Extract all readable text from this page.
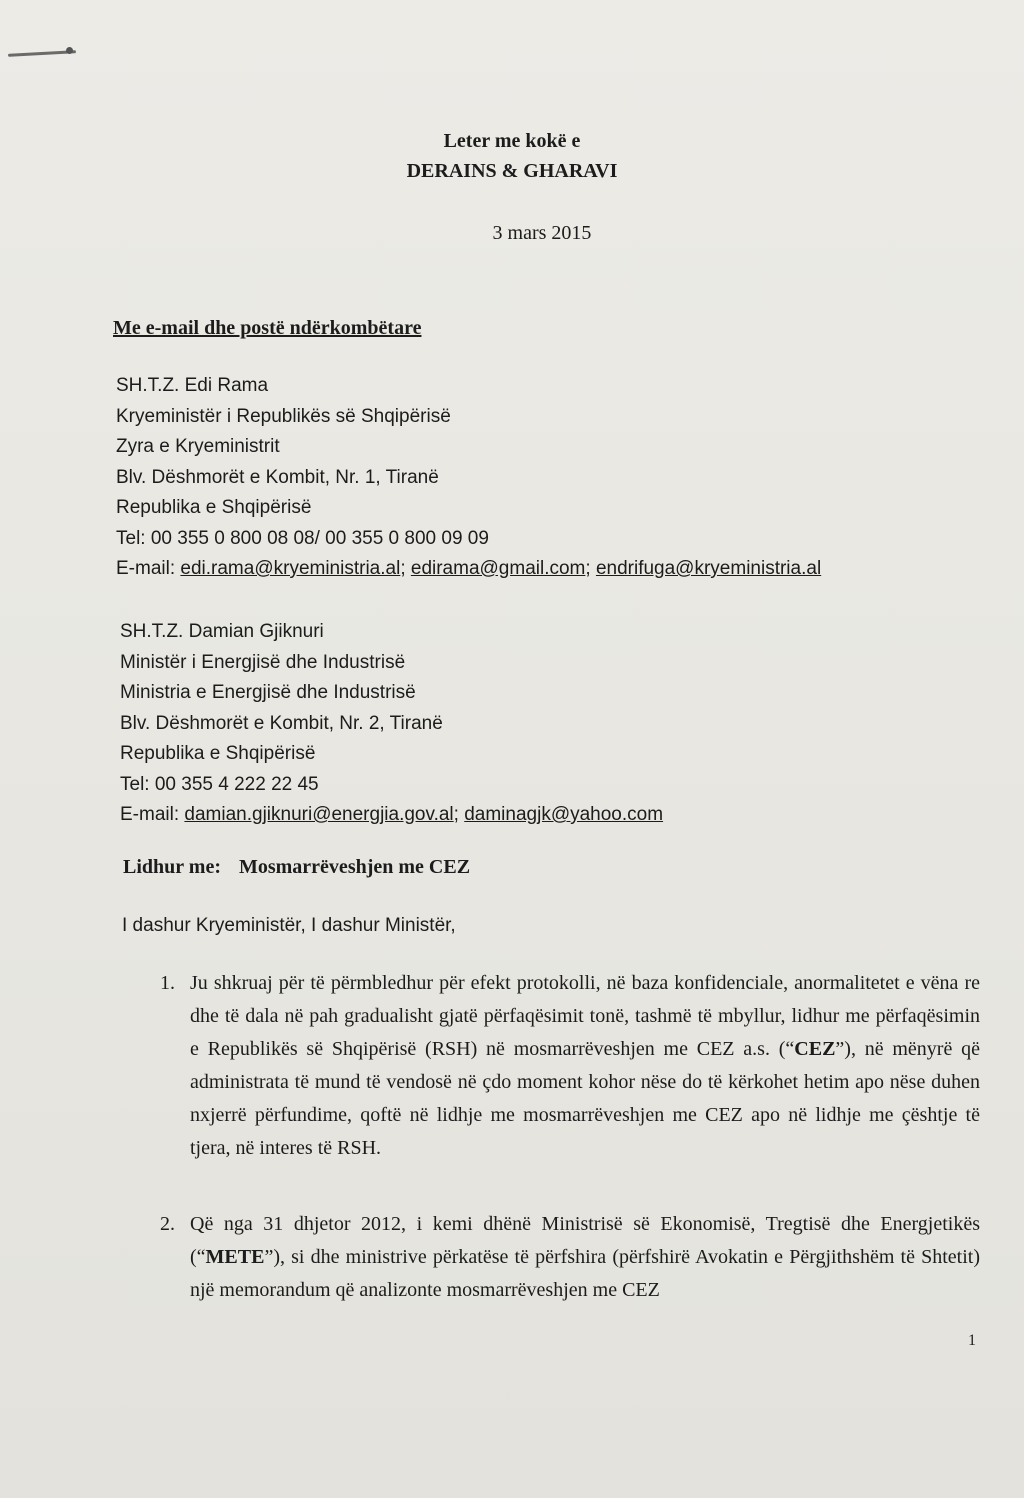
Leter me kokë e
DERAINS & GHARAVI
3 mars 2015
Me e-mail dhe postë ndërkombëtare
SH.T.Z. Edi Rama
Kryeministër i Republikës së Shqipërisë
Zyra e Kryeministrit
Blv. Dëshmorët e Kombit, Nr. 1, Tiranë
Republika e Shqipërisë
Tel: 00 355 0 800 08 08/ 00 355 0 800 09 09
E-mail: edi.rama@kryeministria.al; edirama@gmail.com; endrifuga@kryeministria.al
SH.T.Z. Damian Gjiknuri
Ministër i Energjisë dhe Industrisë
Ministria e Energjisë dhe Industrisë
Blv. Dëshmorët e Kombit, Nr. 2, Tiranë
Republika e Shqipërisë
Tel: 00 355 4 222 22 45
E-mail: damian.gjiknuri@energjia.gov.al; daminagjk@yahoo.com
Lidhur me: Mosmarrëveshjen me CEZ
I dashur Kryeministër, I dashur Ministër,
1. Ju shkruaj për të përmbledhur për efekt protokolli, në baza konfidenciale, anormalitetet e vëna re dhe të dala në pah gradualisht gjatë përfaqësimit tonë, tashmë të mbyllur, lidhur me përfaqësimin e Republikës së Shqipërisë (RSH) në mosmarrëveshjen me CEZ a.s. (“CEZ”), në mënyrë që administrata të mund të vendosë në çdo moment kohor nëse do të kërkohet hetim apo nëse duhen nxjerrë përfundime, qoftë në lidhje me mosmarrëveshjen me CEZ apo në lidhje me çështje të tjera, në interes të RSH.
2. Që nga 31 dhjetor 2012, i kemi dhënë Ministrisë së Ekonomisë, Tregtisë dhe Energjetikës (“METE”), si dhe ministrive përkatëse të përfshira (përfshirë Avokatin e Përgjithshëm të Shtetit) një memorandum që analizonte mosmarrëveshjen me CEZ
1
